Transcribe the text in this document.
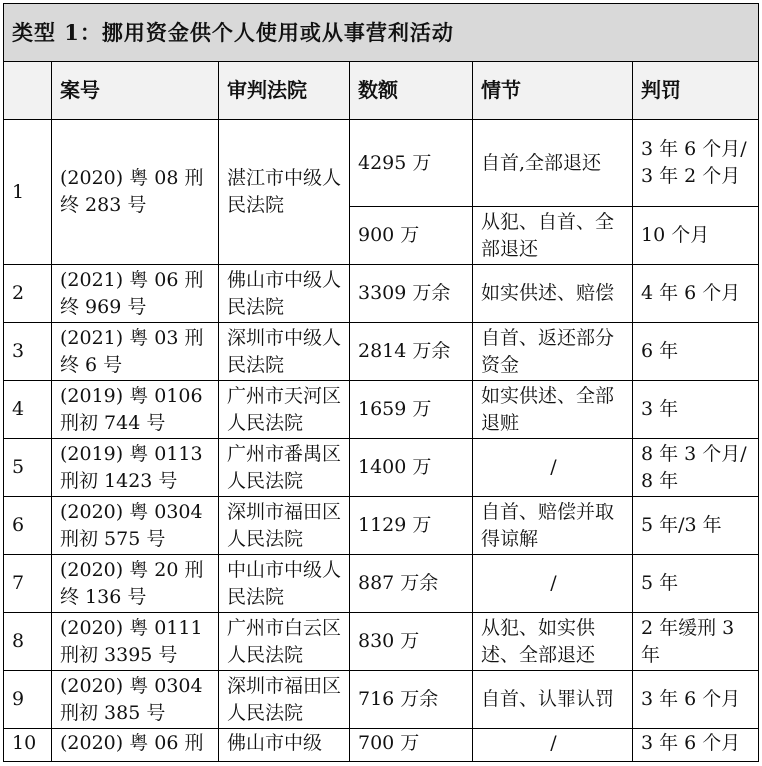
类型 1：挪用资金供个人使用或从事营利活动					
	案号	审判法院	数额	情节	判罚
1	(2020) 粤 08 刑终 283 号	湛江市中级人民法院	4295 万	自首,全部退还	3 年 6 个月/3 年 2 个月
			900 万	从犯、自首、全部退还	10 个月
2	(2021) 粤 06 刑终 969 号	佛山市中级人民法院	3309 万余	如实供述、赔偿	4 年 6 个月
3	(2021) 粤 03 刑终 6 号	深圳市中级人民法院	2814 万余	自首、返还部分资金	6 年
4	(2019) 粤 0106 刑初 744 号	广州市天河区人民法院	1659 万	如实供述、全部退赃	3 年
5	(2019) 粤 0113 刑初 1423 号	广州市番禺区人民法院	1400 万	/	8 年 3 个月/8 年
6	(2020) 粤 0304 刑初 575 号	深圳市福田区人民法院	1129 万	自首、赔偿并取得谅解	5 年/3 年
7	(2020) 粤 20 刑终 136 号	中山市中级人民法院	887 万余	/	5 年
8	(2020) 粤 0111 刑初 3395 号	广州市白云区人民法院	830 万	从犯、如实供述、全部退还	2 年缓刑 3 年
9	(2020) 粤 0304 刑初 385 号	深圳市福田区人民法院	716 万余	自首、认罪认罚	3 年 6 个月
10	(2020) 粤 06 刑	佛山市中级	700 万	/	3 年 6 个月
